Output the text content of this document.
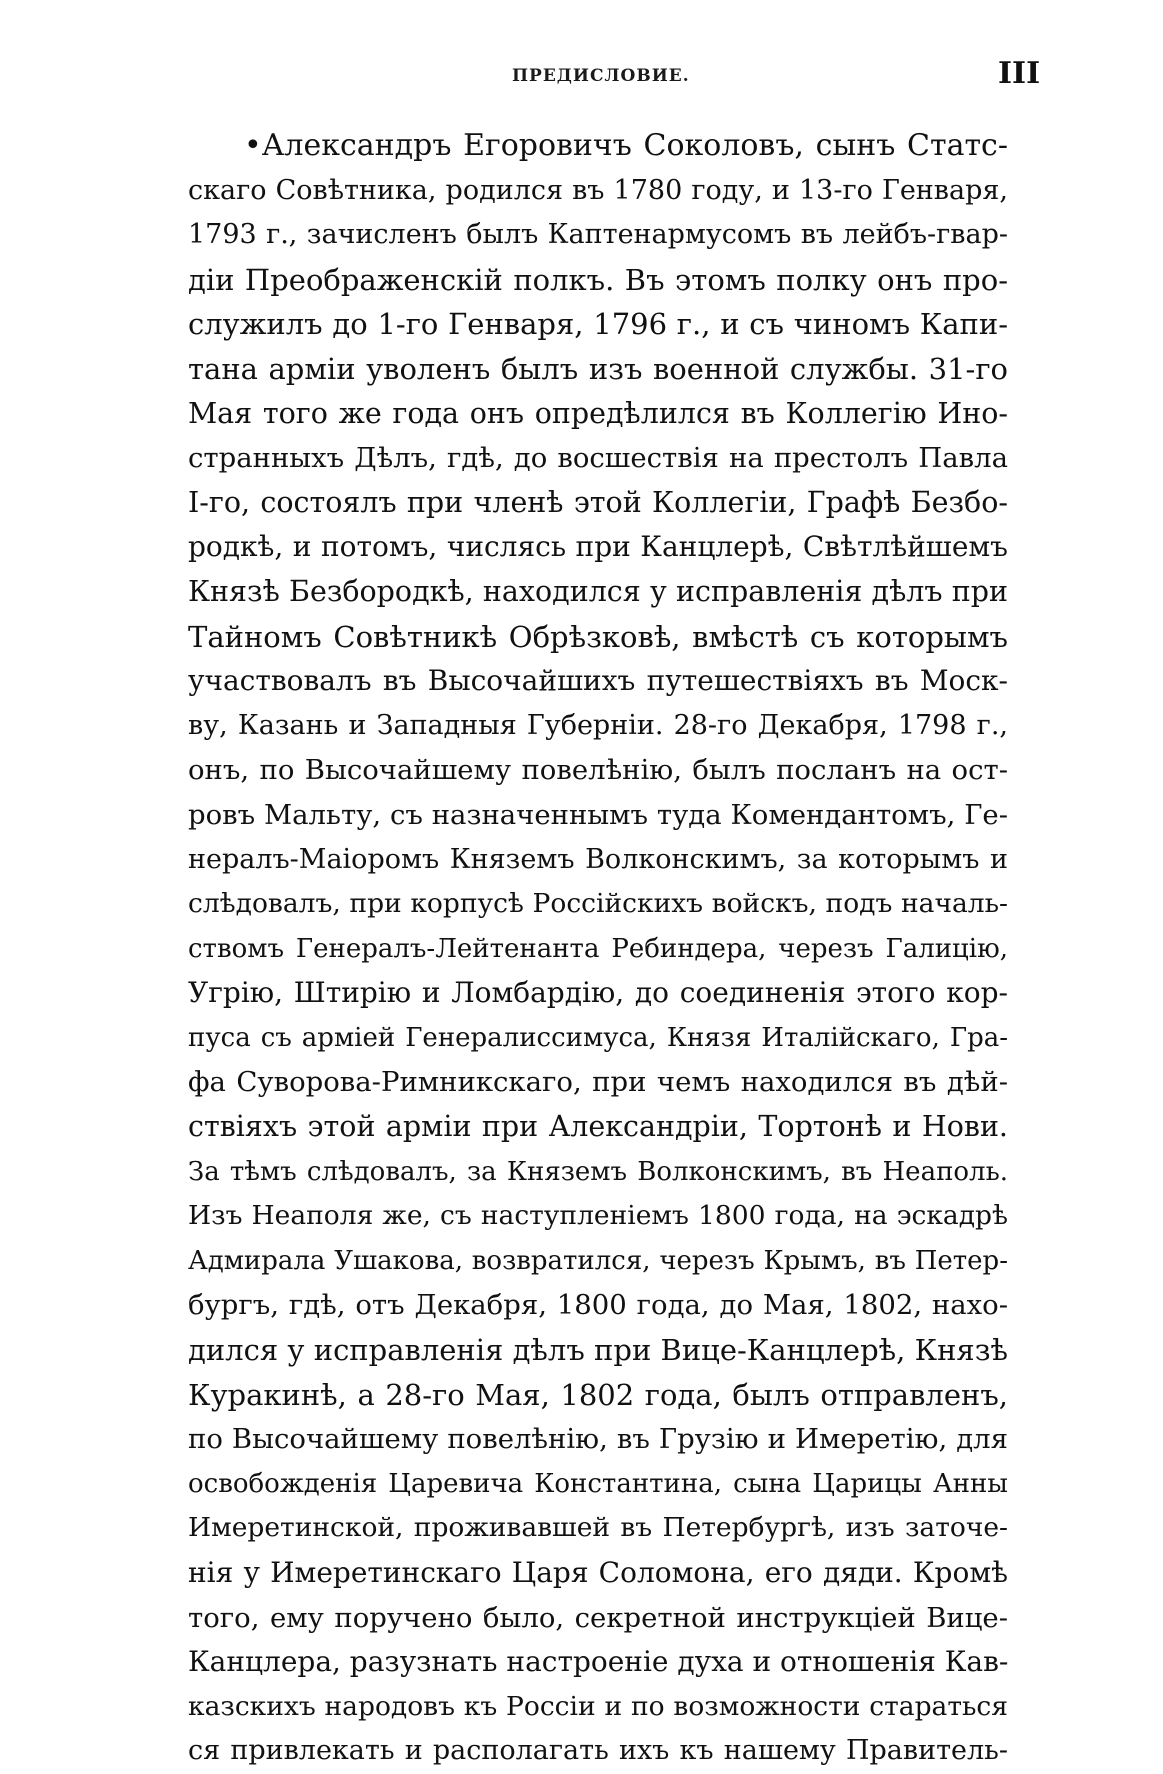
ПРЕДИСЛОВИЕ.	III
•Александръ Егоровичъ Соколовъ, сынъ Статс-
скаго Совѣтника, родился въ 1780 году, и 13-го Генваря,
1793 г., зачисленъ былъ Каптенармусомъ въ лейбъ-гвар-
діи Преображенскій полкъ. Въ этомъ полку онъ про-
служилъ до 1-го Генваря, 1796 г., и съ чиномъ Капи-
тана арміи уволенъ былъ изъ военной службы. 31-го
Мая того же года онъ опредѣлился въ Коллегію Ино-
странныхъ Дѣлъ, гдѣ, до восшествія на престолъ Павла
I-го, состоялъ при членѣ этой Коллегіи, Графѣ Безбо-
родкѣ, и потомъ, числясь при Канцлерѣ, Свѣтлѣйшемъ
Князѣ Безбородкѣ, находился у исправленія дѣлъ при
Тайномъ Совѣтникѣ Обрѣзковѣ, вмѣстѣ съ которымъ
участвовалъ въ Высочайшихъ путешествіяхъ въ Моск-
ву, Казань и Западныя Губерніи. 28-го Декабря, 1798 г.,
онъ, по Высочайшему повелѣнію, былъ посланъ на ост-
ровъ Мальту, съ назначеннымъ туда Комендантомъ, Ге-
нералъ-Маіоромъ Княземъ Волконскимъ, за которымъ и
слѣдовалъ, при корпусѣ Россійскихъ войскъ, подъ началь-
ствомъ Генералъ-Лейтенанта Ребиндера, черезъ Галицію,
Угрію, Штирію и Ломбардію, до соединенія этого кор-
пуса съ арміей Генералиссимуса, Князя Италійскаго, Гра-
фа Суворова-Римникскаго, при чемъ находился въ дѣй-
ствіяхъ этой арміи при Александріи, Тортонѣ и Нови.
За тѣмъ слѣдовалъ, за Княземъ Волконскимъ, въ Неаполь.
Изъ Неаполя же, съ наступленіемъ 1800 года, на эскадрѣ
Адмирала Ушакова, возвратился, черезъ Крымъ, въ Петер-
бургъ, гдѣ, отъ Декабря, 1800 года, до Мая, 1802, нахо-
дился у исправленія дѣлъ при Вице-Канцлерѣ, Князѣ
Куракинѣ, а 28-го Мая, 1802 года, былъ отправленъ,
по Высочайшему повелѣнію, въ Грузію и Имеретію, для
освобожденія Царевича Константина, сына Царицы Анны
Имеретинской, проживавшей въ Петербургѣ, изъ заточе-
нія у Имеретинскаго Царя Соломона, его дяди. Кромѣ
того, ему поручено было, секретной инструкціей Вице-
Канцлера, разузнать настроеніе духа и отношенія Кав-
казскихъ народовъ къ Россіи и по возможности стараться
ся привлекать и располагать ихъ къ нашему Правитель-
